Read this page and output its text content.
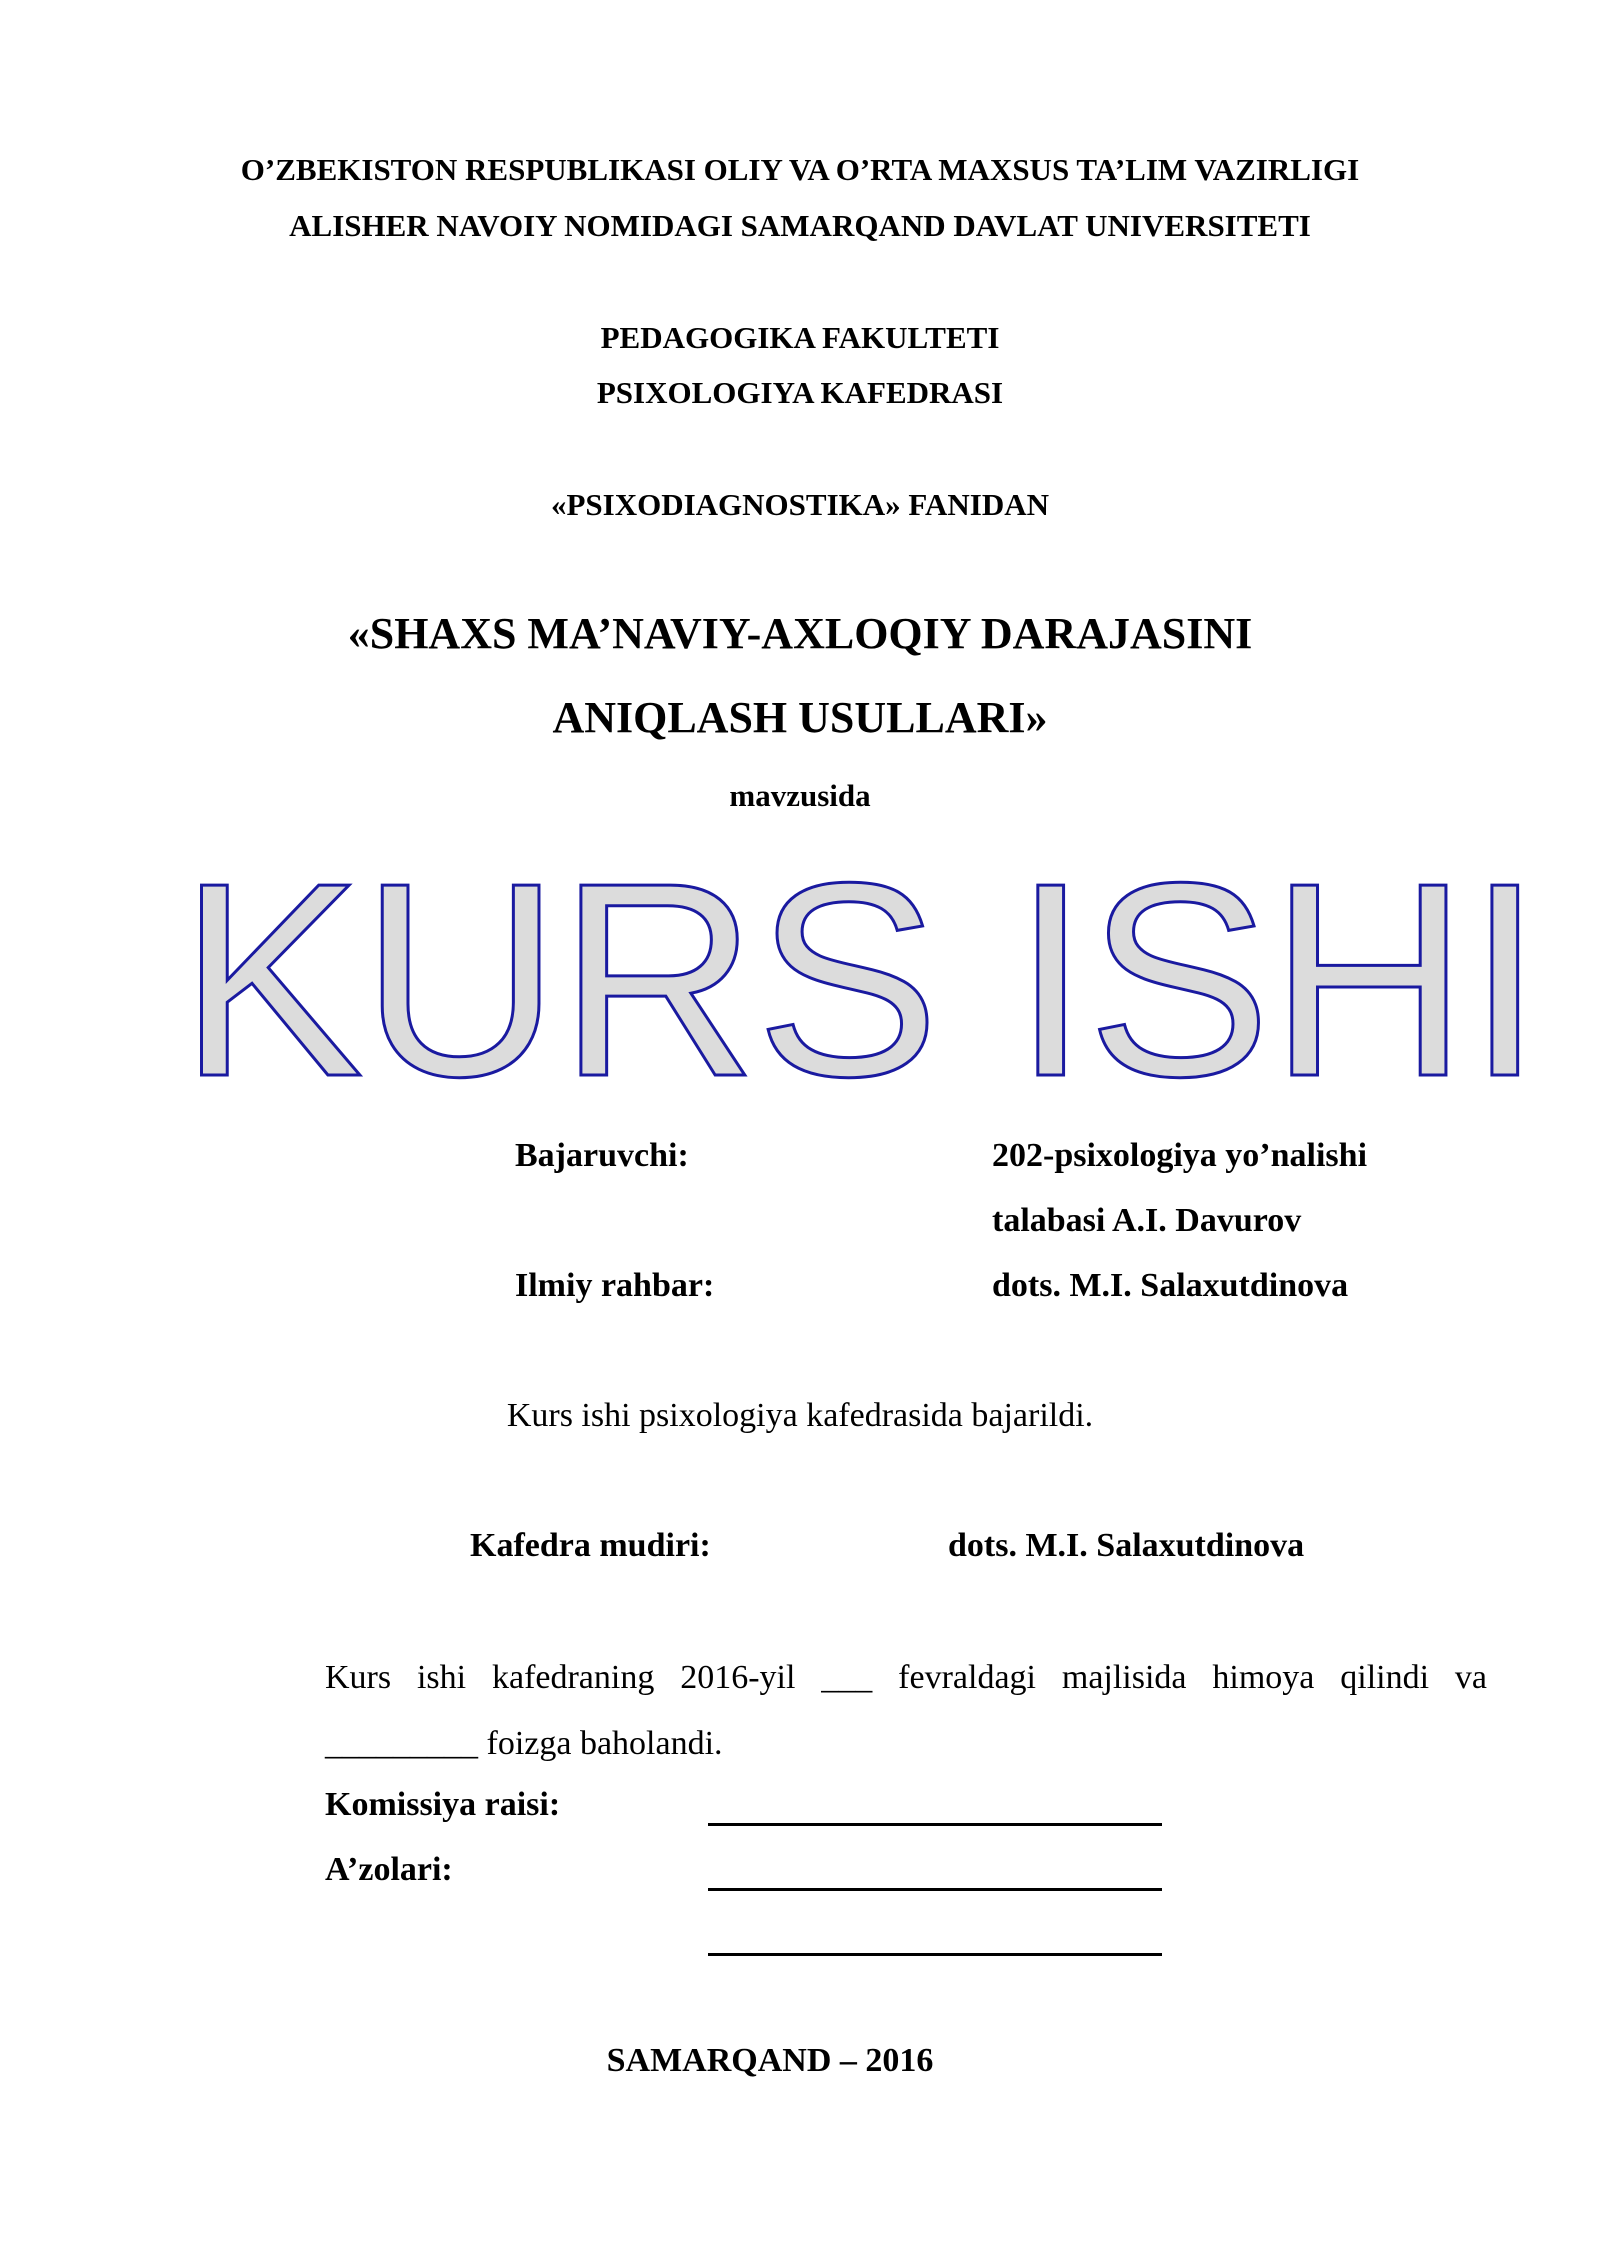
O’ZBEKISTON RESPUBLIKASI OLIY VA O’RTA MAXSUS TA’LIM VAZIRLIGI
ALISHER NAVOIY NOMIDAGI SAMARQAND DAVLAT UNIVERSITETI
PEDAGOGIKA FAKULTETI
PSIXOLOGIYA KAFEDRASI
«PSIXODIAGNOSTIKA» FANIDAN
«SHAXS MA’NAVIY-AXLOQIY DARAJASINI
ANIQLASH USULLARI»
mavzusida
KURS ISHI
Bajaruvchi:	202-psixologiya yo’nalishi
talabasi A.I. Davurov
Ilmiy rahbar:	dots. M.I. Salaxutdinova
Kurs ishi psixologiya kafedrasida bajarildi.
Kafedra mudiri:	dots. M.I. Salaxutdinova
Kurs ishi kafedraning 2016-yil ___ fevraldagi majlisida himoya qilindi va _________ foizga baholandi.
Komissiya raisi:
A’zolari:
SAMARQAND – 2016
